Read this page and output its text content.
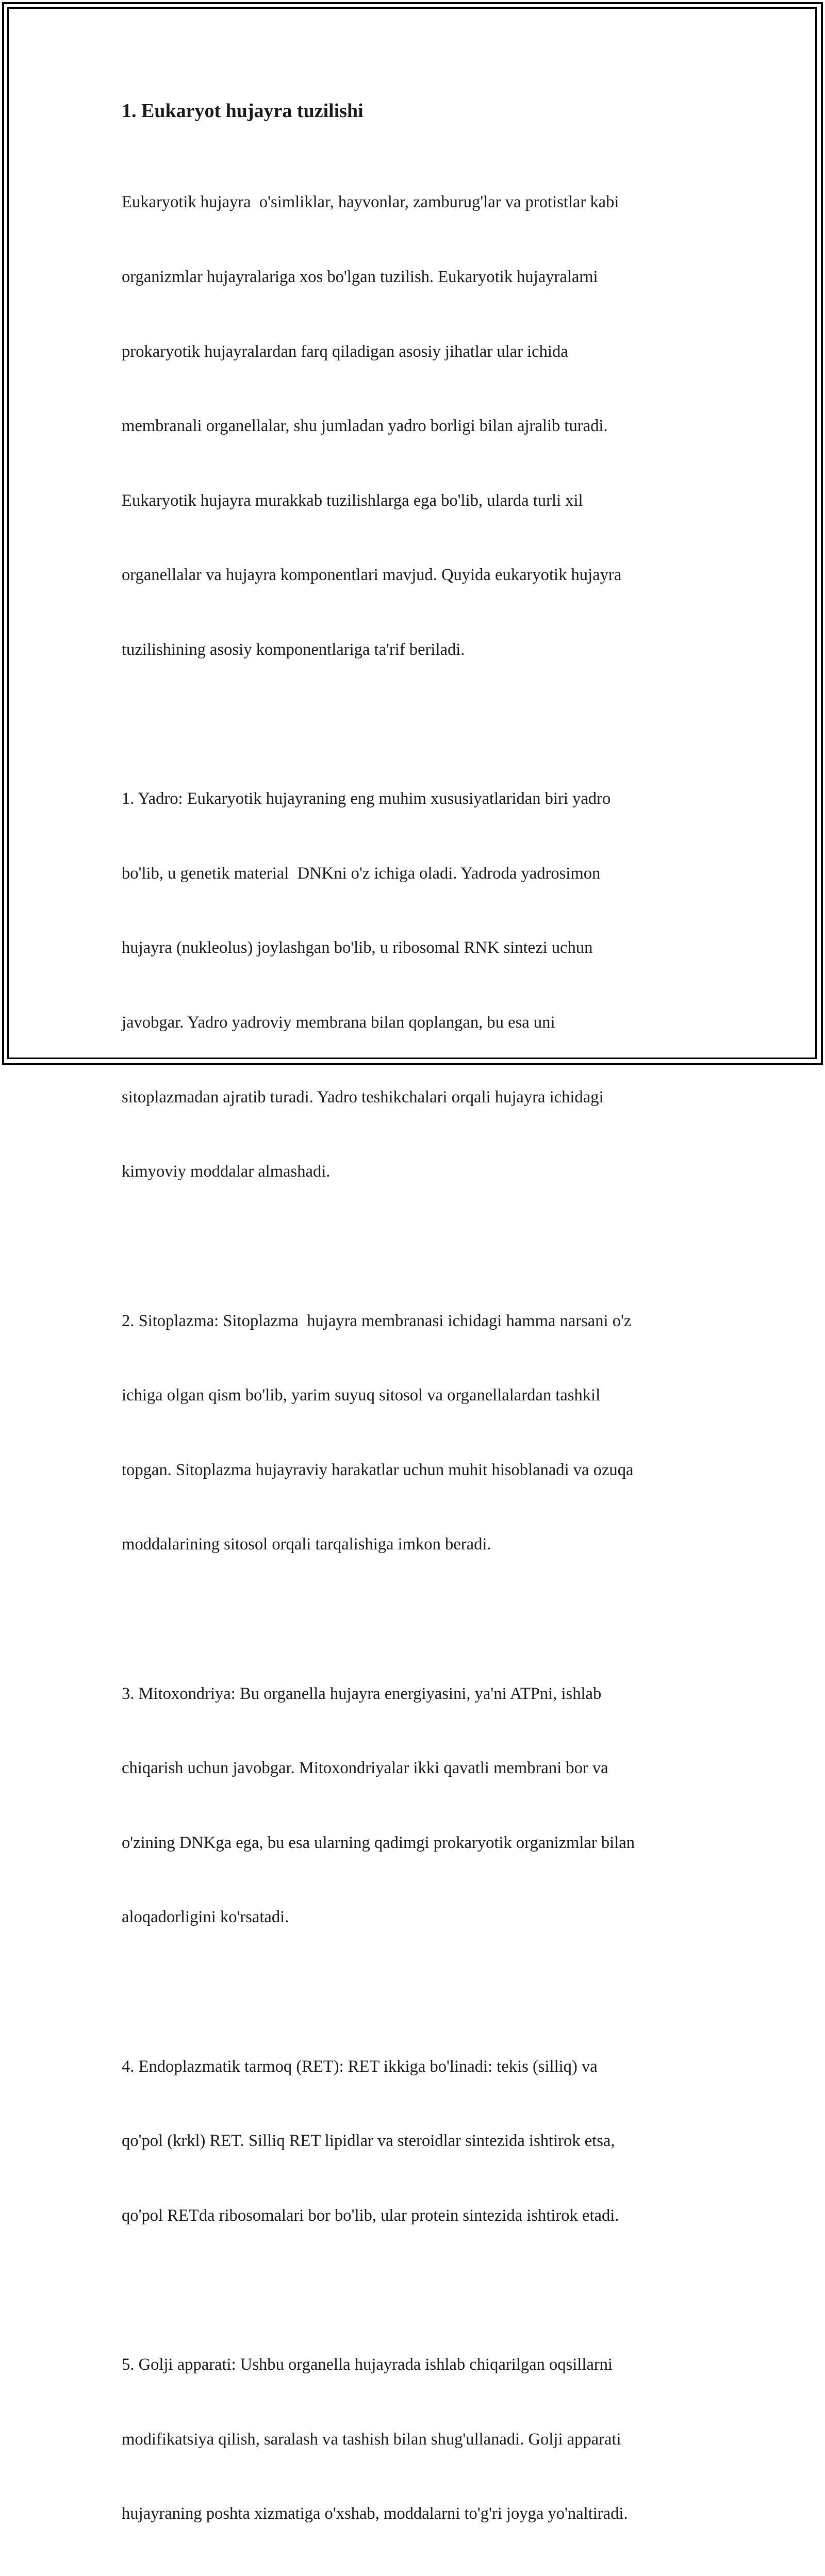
1. Eukaryot hujayra tuzilishi

Eukaryotik hujayra  o'simliklar, hayvonlar, zamburug'lar va protistlar kabi

organizmlar hujayralariga xos bo'lgan tuzilish. Eukaryotik hujayralarni

prokaryotik hujayralardan farq qiladigan asosiy jihatlar ular ichida

membranali organellalar, shu jumladan yadro borligi bilan ajralib turadi.

Eukaryotik hujayra murakkab tuzilishlarga ega bo'lib, ularda turli xil

organellalar va hujayra komponentlari mavjud. Quyida eukaryotik hujayra

tuzilishining asosiy komponentlariga ta'rif beriladi.

1. Yadro: Eukaryotik hujayraning eng muhim xususiyatlaridan biri yadro

bo'lib, u genetik material  DNKni o'z ichiga oladi. Yadroda yadrosimon

hujayra (nukleolus) joylashgan bo'lib, u ribosomal RNK sintezi uchun

javobgar. Yadro yadroviy membrana bilan qoplangan, bu esa uni

sitoplazmadan ajratib turadi. Yadro teshikchalari orqali hujayra ichidagi

kimyoviy moddalar almashadi.

2. Sitoplazma: Sitoplazma  hujayra membranasi ichidagi hamma narsani o'z

ichiga olgan qism bo'lib, yarim suyuq sitosol va organellalardan tashkil

topgan. Sitoplazma hujayraviy harakatlar uchun muhit hisoblanadi va ozuqa

moddalarining sitosol orqali tarqalishiga imkon beradi.

3. Mitoxondriya: Bu organella hujayra energiyasini, ya'ni ATPni, ishlab

chiqarish uchun javobgar. Mitoxondriyalar ikki qavatli membrani bor va

o'zining DNKga ega, bu esa ularning qadimgi prokaryotik organizmlar bilan

aloqadorligini ko'rsatadi.

4. Endoplazmatik tarmoq (RET): RET ikkiga bo'linadi: tekis (silliq) va

qo'pol (krkl) RET. Silliq RET lipidlar va steroidlar sintezida ishtirok etsa,

qo'pol RETda ribosomalari bor bo'lib, ular protein sintezida ishtirok etadi.

5. Golji apparati: Ushbu organella hujayrada ishlab chiqarilgan oqsillarni

modifikatsiya qilish, saralash va tashish bilan shug'ullanadi. Golji apparati

hujayraning poshta xizmatiga o'xshab, moddalarni to'g'ri joyga yo'naltiradi.
